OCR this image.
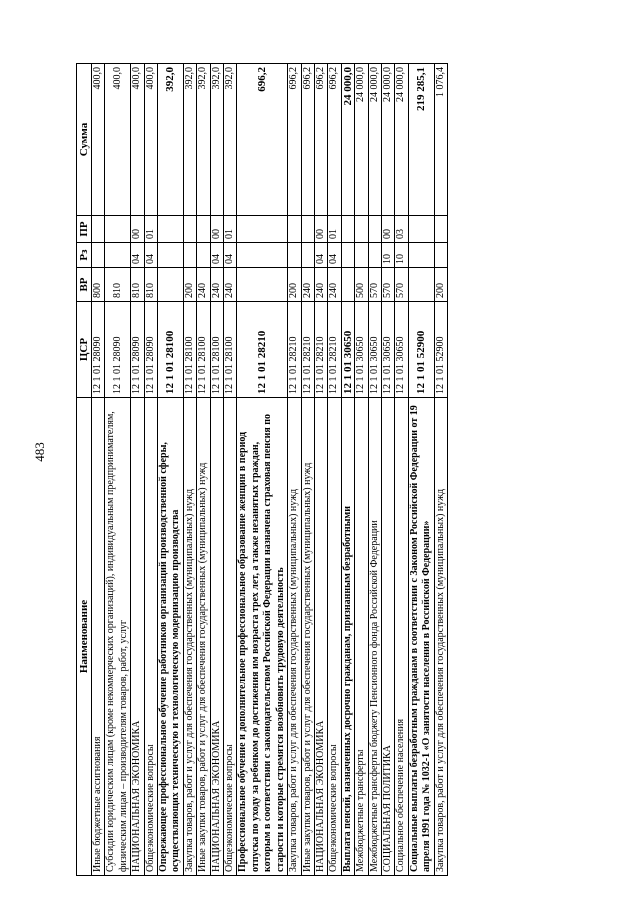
483
Наименование	ЦСР	ВР	Рз	ПР	Сумма
Иные бюджетные ассигнования	12 1 01 28090	800			400,0
Субсидии юридическим лицам (кроме некоммерческих организаций), индивидуальным предпринимателям, физическим лицам – производителям товаров, работ, услуг	12 1 01 28090	810			400,0
НАЦИОНАЛЬНАЯ ЭКОНОМИКА	12 1 01 28090	810	04	00	400,0
Общеэкономические вопросы	12 1 01 28090	810	04	01	400,0
Опережающее профессиональное обучение работников организаций производственной сферы, осуществляющих техническую и технологическую модернизацию производства	12 1 01 28100				392,0
Закупка товаров, работ и услуг для обеспечения государственных (муниципальных) нужд	12 1 01 28100	200			392,0
Иные закупки товаров, работ и услуг для обеспечения государственных (муниципальных) нужд	12 1 01 28100	240			392,0
НАЦИОНАЛЬНАЯ ЭКОНОМИКА	12 1 01 28100	240	04	00	392,0
Общеэкономические вопросы	12 1 01 28100	240	04	01	392,0
Профессиональное обучение и дополнительное профессиональное образование женщин в период отпуска по уходу за ребенком до достижения им возраста трех лет, а также незанятых граждан, которым в соответствии с законодательством Российской Федерации назначена страховая пенсия по старости и которые стремятся возобновить трудовую деятельность	12 1 01 28210				696,2
Закупка товаров, работ и услуг для обеспечения государственных (муниципальных) нужд	12 1 01 28210	200			696,2
Иные закупки товаров, работ и услуг для обеспечения государственных (муниципальных) нужд	12 1 01 28210	240			696,2
НАЦИОНАЛЬНАЯ ЭКОНОМИКА	12 1 01 28210	240	04	00	696,2
Общеэкономические вопросы	12 1 01 28210	240	04	01	696,2
Выплата пенсий, назначенных досрочно гражданам, признанным безработными	12 1 01 30650				24 000,0
Межбюджетные трансферты	12 1 01 30650	500			24 000,0
Межбюджетные трансферты бюджету Пенсионного фонда Российской Федерации	12 1 01 30650	570			24 000,0
СОЦИАЛЬНАЯ ПОЛИТИКА	12 1 01 30650	570	10	00	24 000,0
Социальное обеспечение населения	12 1 01 30650	570	10	03	24 000,0
Социальные выплаты безработным гражданам в соответствии с Законом Российской Федерации от 19 апреля 1991 года № 1032-1 «О занятости населения в Российской Федерации»	12 1 01 52900				219 285,1
Закупка товаров, работ и услуг для обеспечения государственных (муниципальных) нужд	12 1 01 52900	200			1 076,4
